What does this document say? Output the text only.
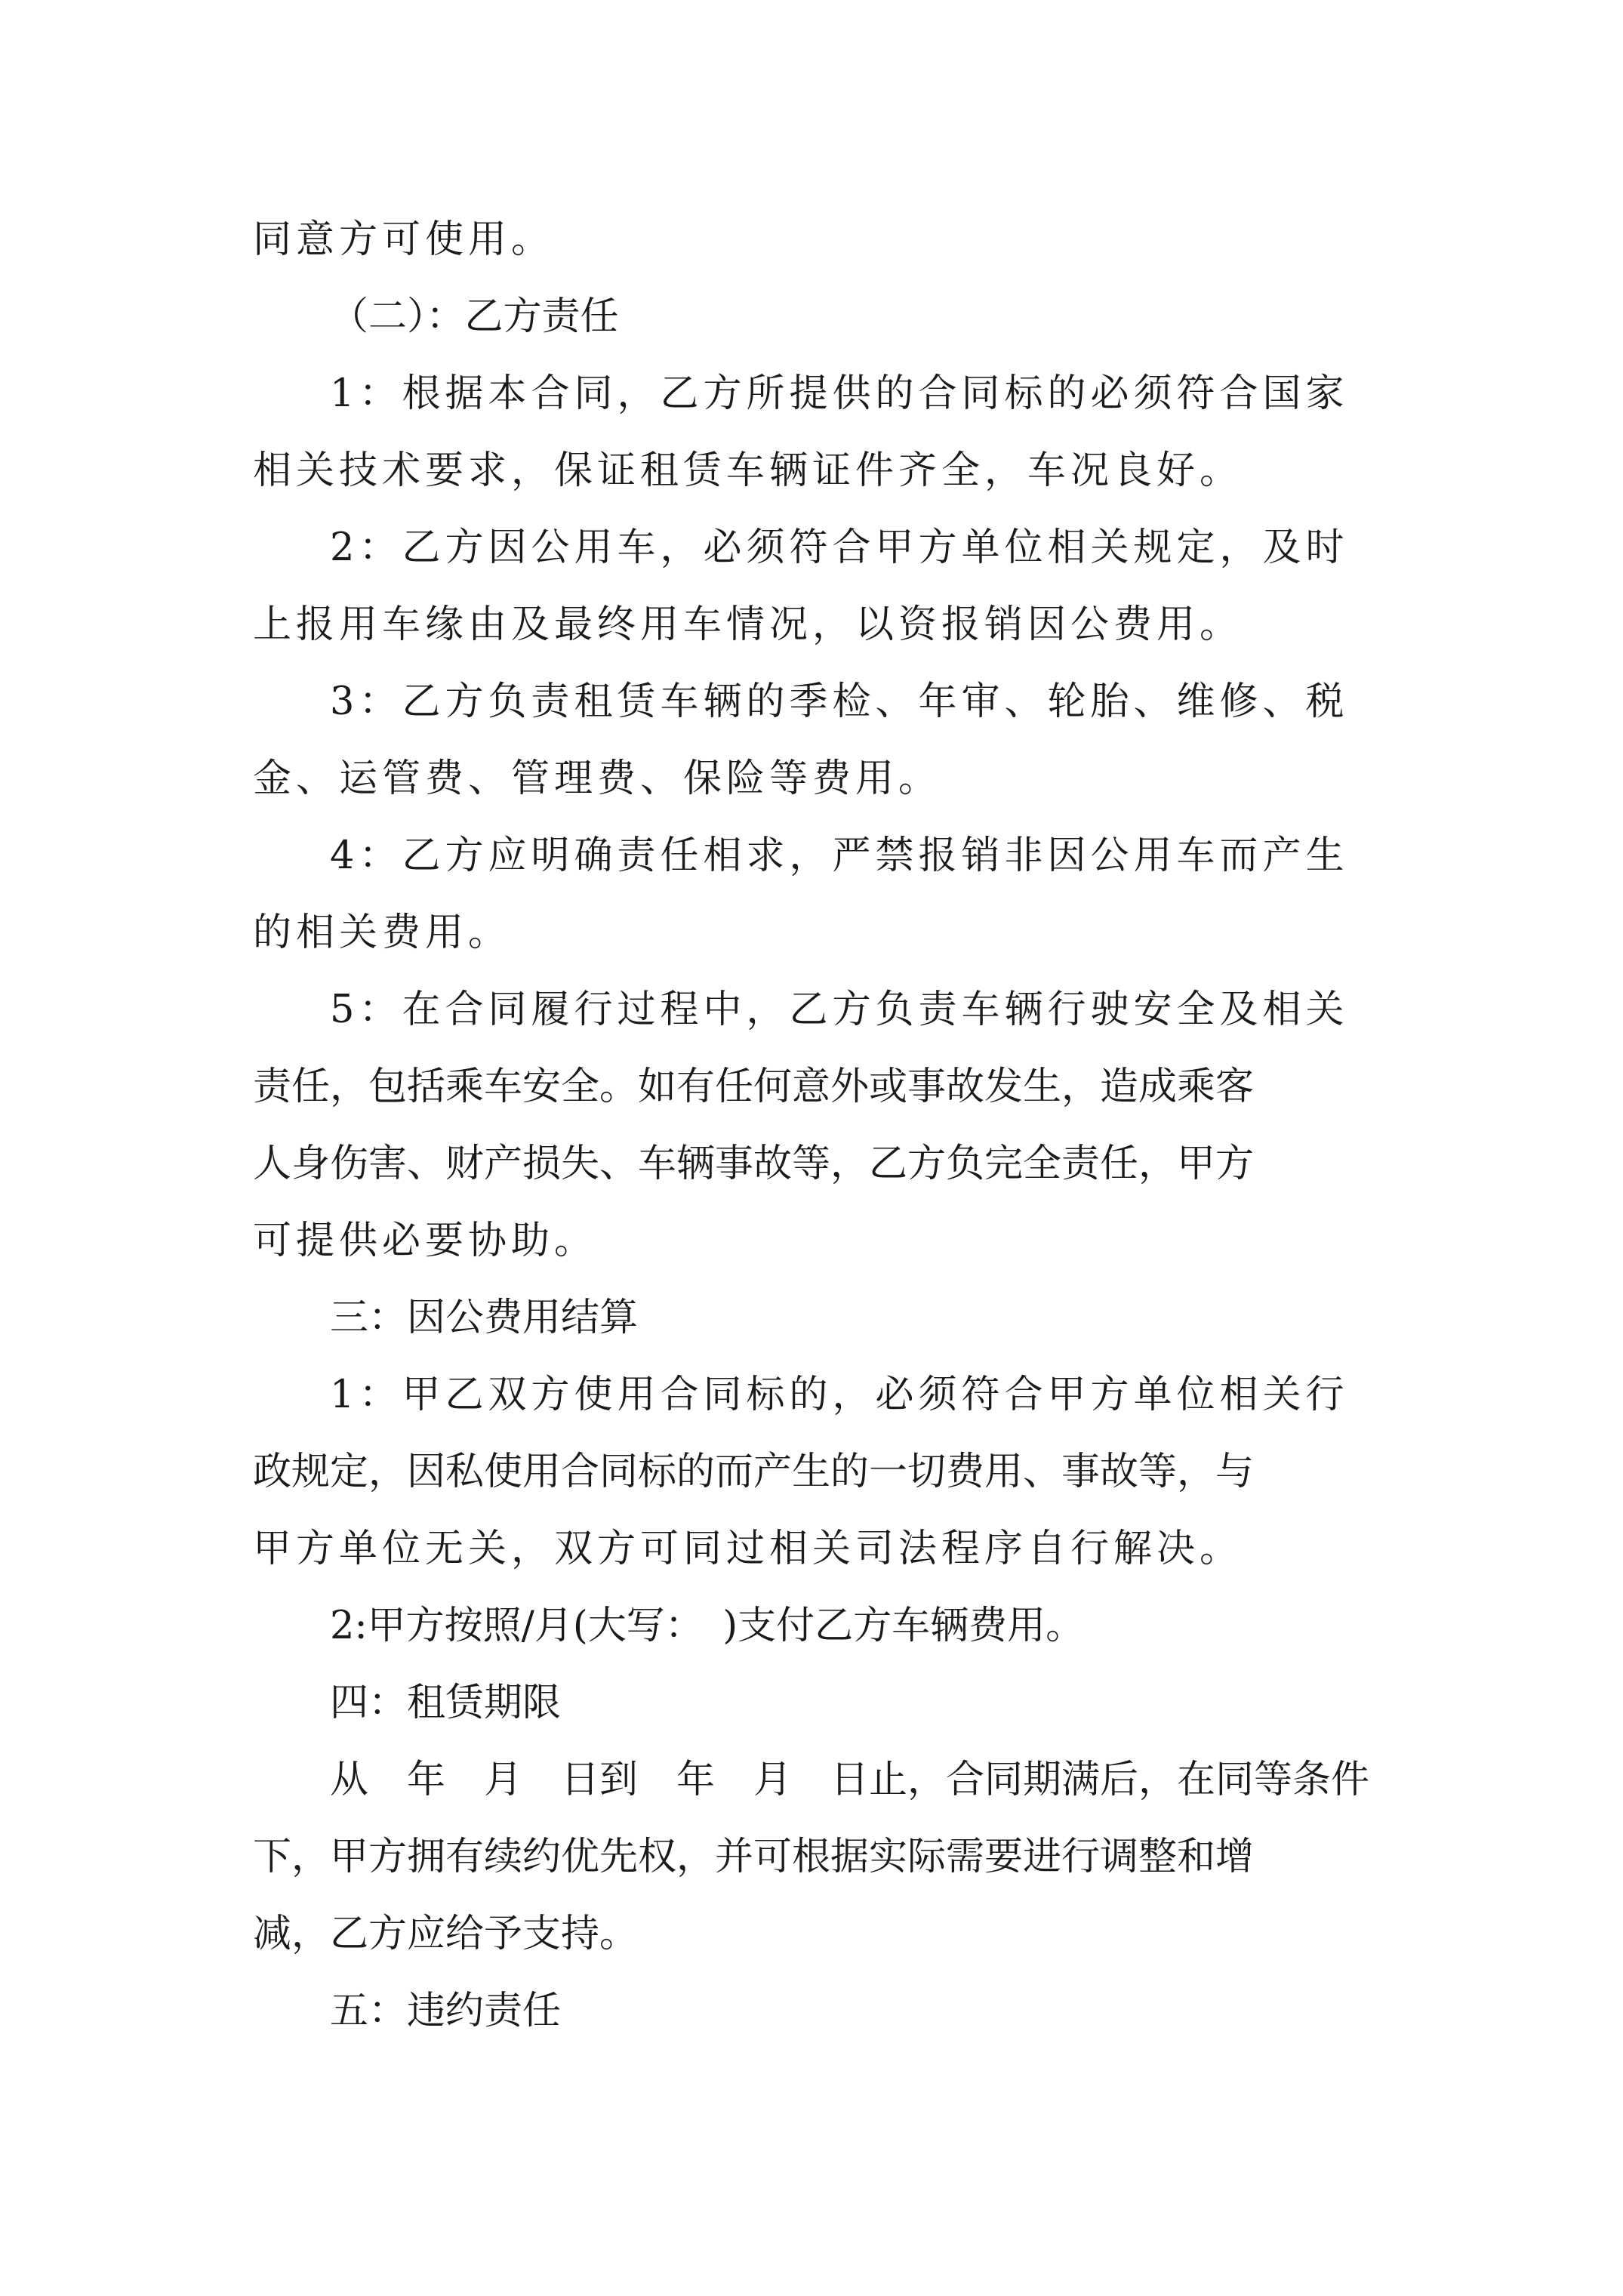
同意方可使用。
（二）：乙方责任
1：根据本合同，乙方所提供的合同标的必须符合国家
相关技术要求，保证租赁车辆证件齐全，车况良好。
2：乙方因公用车，必须符合甲方单位相关规定，及时
上报用车缘由及最终用车情况，以资报销因公费用。
3：乙方负责租赁车辆的季检、年审、轮胎、维修、税
金、运管费、管理费、保险等费用。
4：乙方应明确责任相求，严禁报销非因公用车而产生
的相关费用。
5：在合同履行过程中，乙方负责车辆行驶安全及相关
责任，包括乘车安全。如有任何意外或事故发生，造成乘客
人身伤害、财产损失、车辆事故等，乙方负完全责任，甲方
可提供必要协助。
三：因公费用结算
1：甲乙双方使用合同标的，必须符合甲方单位相关行
政规定，因私使用合同标的而产生的一切费用、事故等，与
甲方单位无关，双方可同过相关司法程序自行解决。
2:甲方按照/月(大写：　)支付乙方车辆费用。
四：租赁期限
从　年　月　日到　年　月　日止，合同期满后，在同等条件
下，甲方拥有续约优先权，并可根据实际需要进行调整和增
减，乙方应给予支持。
五：违约责任
